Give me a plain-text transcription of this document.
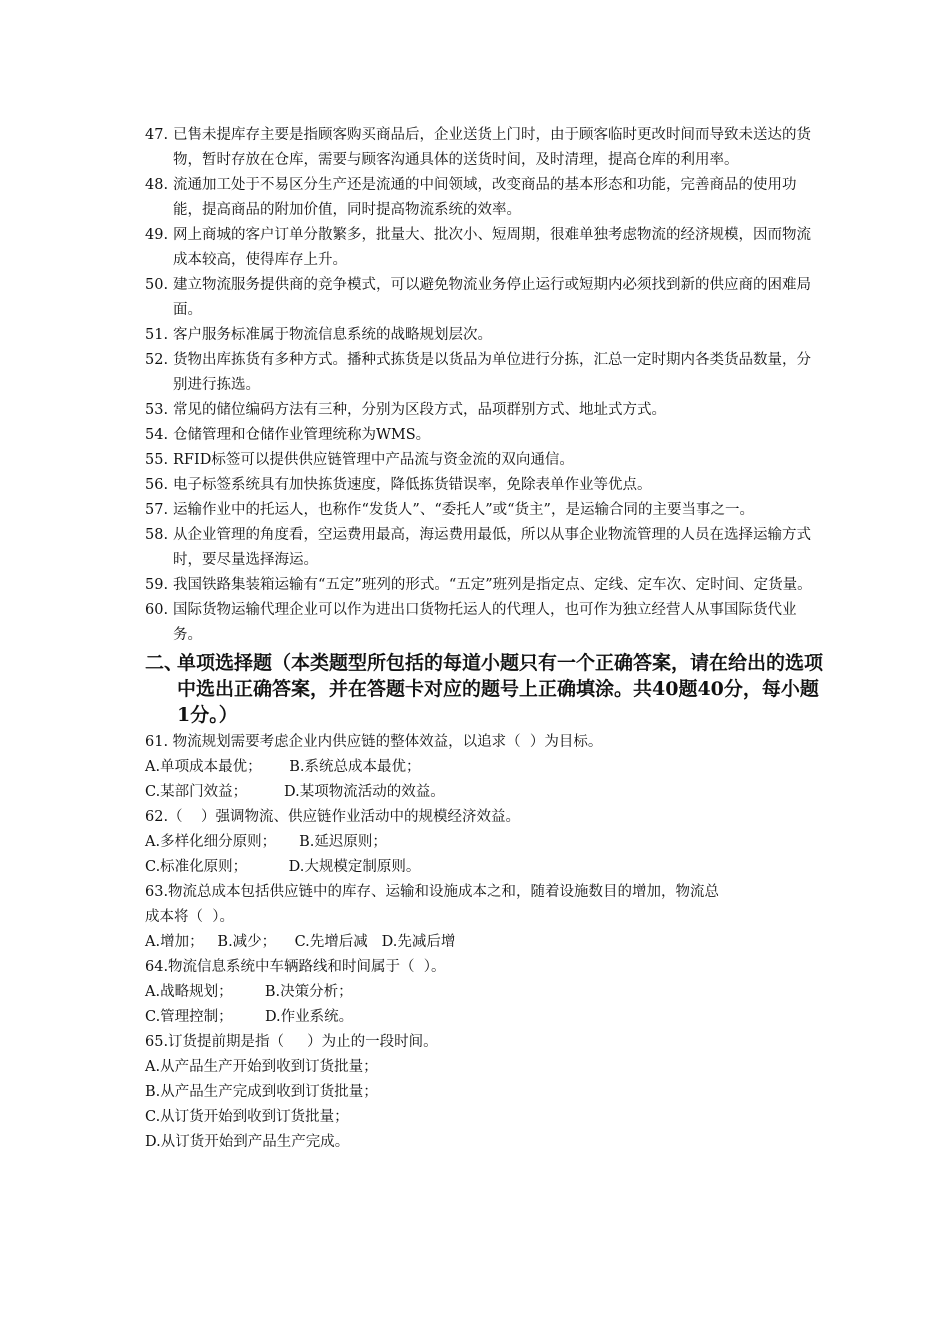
47. 已售未提库存主要是指顾客购买商品后，企业送货上门时，由于顾客临时更改时间而导致未送达的货物，暂时存放在仓库，需要与顾客沟通具体的送货时间，及时清理，提高仓库的利用率。
48. 流通加工处于不易区分生产还是流通的中间领域，改变商品的基本形态和功能，完善商品的使用功能，提高商品的附加价值，同时提高物流系统的效率。
49. 网上商城的客户订单分散繁多，批量大、批次小、短周期，很难单独考虑物流的经济规模，因而物流成本较高，使得库存上升。
50. 建立物流服务提供商的竞争模式，可以避免物流业务停止运行或短期内必须找到新的供应商的困难局面。
51. 客户服务标准属于物流信息系统的战略规划层次。
52. 货物出库拣货有多种方式。播种式拣货是以货品为单位进行分拣，汇总一定时期内各类货品数量，分别进行拣选。
53. 常见的储位编码方法有三种，分别为区段方式，品项群别方式、地址式方式。
54. 仓储管理和仓储作业管理统称为WMS。
55. RFID标签可以提供供应链管理中产品流与资金流的双向通信。
56. 电子标签系统具有加快拣货速度，降低拣货错误率，免除表单作业等优点。
57. 运输作业中的托运人，也称作“发货人”、“委托人”或“货主”，是运输合同的主要当事之一。
58. 从企业管理的角度看，空运费用最高，海运费用最低，所以从事企业物流管理的人员在选择运输方式时，要尽量选择海运。
59. 我国铁路集装箱运输有“五定”班列的形式。“五定”班列是指定点、定线、定车次、定时间、定货量。
60. 国际货物运输代理企业可以作为进出口货物托运人的代理人，也可作为独立经营人从事国际货代业务。
二、
单项选择题（本类题型所包括的每道小题只有一个正确答案，请在给出的选项中选出正确答案，并在答题卡对应的题号上正确填涂。共40题40分，每小题1分。）
61. 物流规划需要考虑企业内供应链的整体效益，以追求（  ）为目标。
A.单项成本最优；      B.系统总成本最优；
C.某部门效益；        D.某项物流活动的效益。
62.（    ）强调物流、供应链作业活动中的规模经济效益。
A.多样化细分原则；     B.延迟原则；
C.标准化原则；         D.大规模定制原则。
63.物流总成本包括供应链中的库存、运输和设施成本之和，随着设施数目的增加，物流总
成本将（  ）。
A.增加；   B.减少；    C.先增后减   D.先减后增
64.物流信息系统中车辆路线和时间属于（  ）。
A.战略规划；       B.决策分析；
C.管理控制；       D.作业系统。
65.订货提前期是指（     ）为止的一段时间。
A.从产品生产开始到收到订货批量；
B.从产品生产完成到收到订货批量；
C.从订货开始到收到订货批量；
D.从订货开始到产品生产完成。
